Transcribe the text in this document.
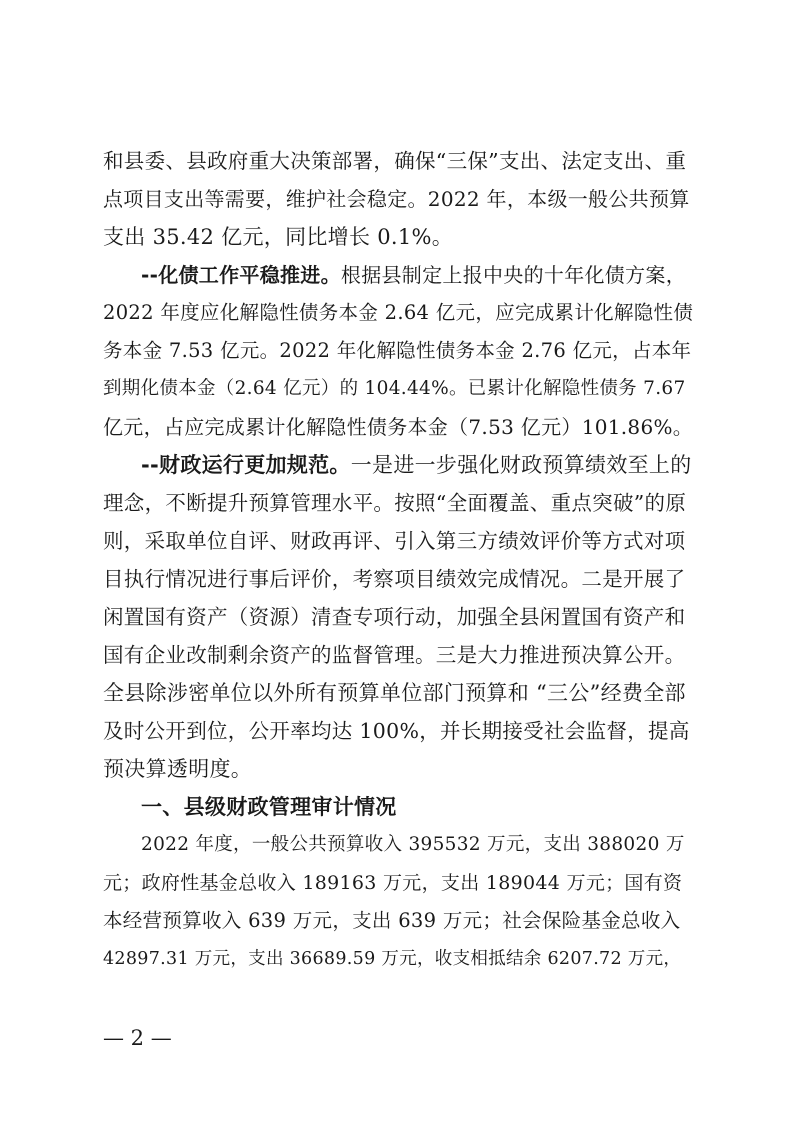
和县委、县政府重大决策部署，确保“三保”支出、法定支出、重
点项目支出等需要，维护社会稳定。2022 年，本级一般公共预算
支出 35.42 亿元，同比增长 0.1%。
--化债工作平稳推进。根据县制定上报中央的十年化债方案，
2022 年度应化解隐性债务本金 2.64 亿元，应完成累计化解隐性债
务本金 7.53 亿元。2022 年化解隐性债务本金 2.76 亿元，占本年
到期化债本金（2.64 亿元）的 104.44%。已累计化解隐性债务 7.67
亿元，占应完成累计化解隐性债务本金（7.53 亿元）101.86%。
--财政运行更加规范。一是进一步强化财政预算绩效至上的
理念，不断提升预算管理水平。按照“全面覆盖、重点突破”的原
则，采取单位自评、财政再评、引入第三方绩效评价等方式对项
目执行情况进行事后评价，考察项目绩效完成情况。二是开展了
闲置国有资产（资源）清查专项行动，加强全县闲置国有资产和
国有企业改制剩余资产的监督管理。三是大力推进预决算公开。
全县除涉密单位以外所有预算单位部门预算和 “三公”经费全部
及时公开到位，公开率均达 100%，并长期接受社会监督，提高
预决算透明度。
一、县级财政管理审计情况
2022 年度，一般公共预算收入 395532 万元，支出 388020 万
元；政府性基金总收入 189163 万元，支出 189044 万元；国有资
本经营预算收入 639 万元，支出 639 万元；社会保险基金总收入
42897.31 万元，支出 36689.59 万元，收支相抵结余 6207.72 万元，
— 2 —
